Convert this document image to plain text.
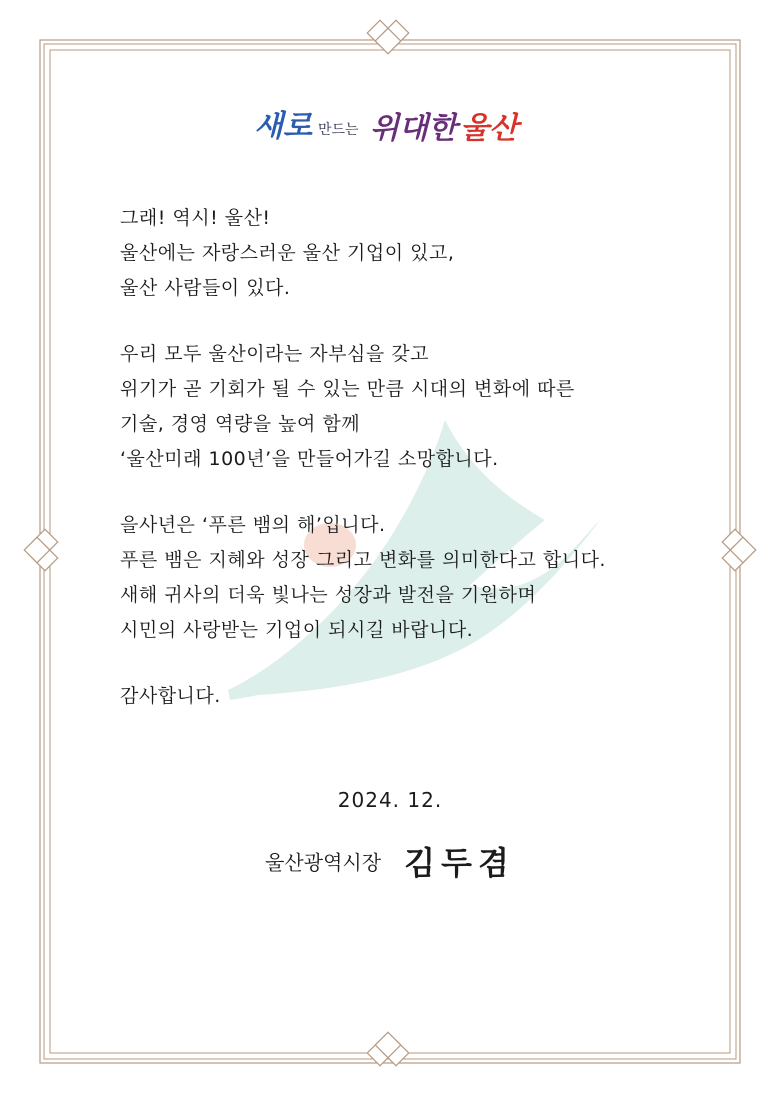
새로 만드는 위대한 울산
그래! 역시! 울산!
울산에는 자랑스러운 울산 기업이 있고,
울산 사람들이 있다.
우리 모두 울산이라는 자부심을 갖고
위기가 곧 기회가 될 수 있는 만큼 시대의 변화에 따른
기술, 경영 역량을 높여 함께
‘울산미래 100년’을 만들어가길 소망합니다.
을사년은 ‘푸른 뱀의 해’입니다.
푸른 뱀은 지혜와 성장 그리고 변화를 의미한다고 합니다.
새해 귀사의 더욱 빛나는 성장과 발전을 기원하며
시민의 사랑받는 기업이 되시길 바랍니다.
감사합니다.
2024. 12.
울산광역시장 김두겸
